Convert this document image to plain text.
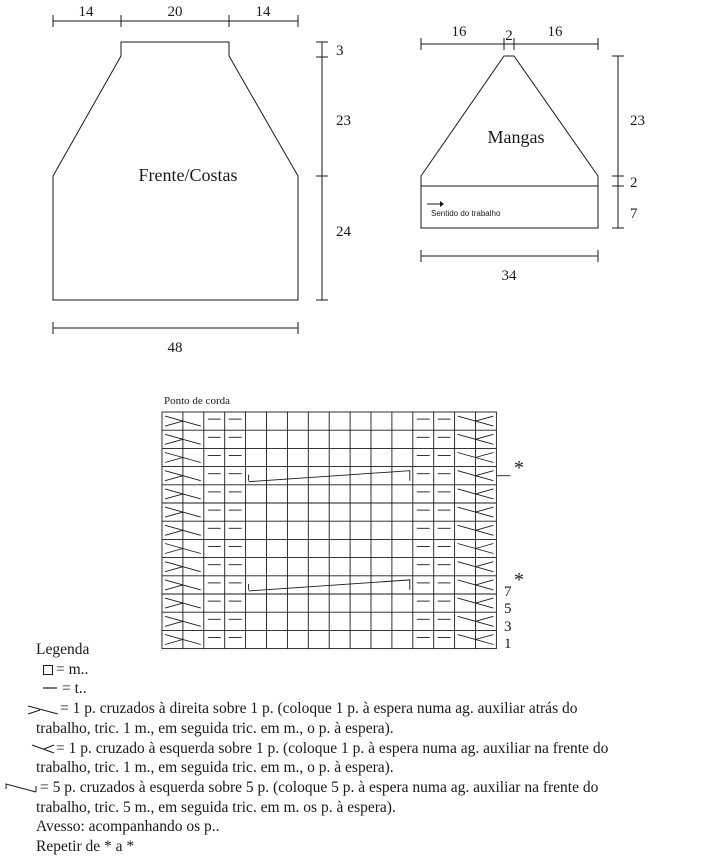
14	20	14
3
23
24
48
Frente/Costas
16	2 16
23
2
7
34
Mangas
Sentido do trabalho
Ponto de corda
*
*
7
5
3
1
Legenda
= m..
= t..
= 1 p. cruzados à direita sobre 1 p. (coloque 1 p. à espera numa ag. auxiliar atrás do
trabalho, tric. 1 m., em seguida tric. em m., o p. à espera).
= 1 p. cruzado à esquerda sobre 1 p. (coloque 1 p. à espera numa ag. auxiliar na frente do
trabalho, tric. 1 m., em seguida tric. em m., o p. à espera).
= 5 p. cruzados à esquerda sobre 5 p. (coloque 5 p. à espera numa ag. auxiliar na frente do
trabalho, tric. 5 m., em seguida tric. em m. os p. à espera).
Avesso: acompanhando os p..
Repetir de * a *
